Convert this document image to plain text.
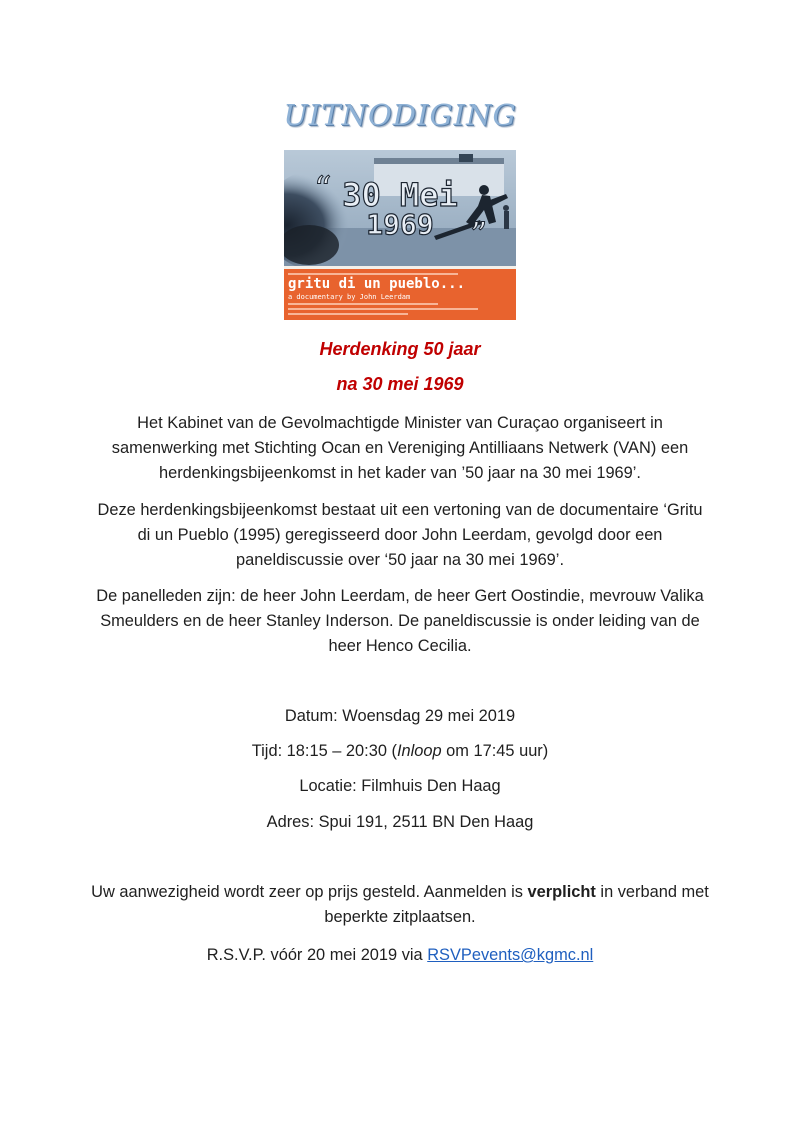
UITNODIGING
30 Mei
1969
“
”
gritu di un pueblo...
a documentary by John Leerdam
Herdenking 50 jaar
na 30 mei 1969
Het Kabinet van de Gevolmachtigde Minister van Curaçao organiseert in samenwerking met Stichting Ocan en Vereniging Antilliaans Netwerk (VAN) een herdenkingsbijeenkomst in het kader van ’50 jaar na 30 mei 1969’.
Deze herdenkingsbijeenkomst bestaat uit een vertoning van de documentaire ‘Gritu di un Pueblo (1995) geregisseerd door John Leerdam, gevolgd door een paneldiscussie over ‘50 jaar na 30 mei 1969’.
De panelleden zijn: de heer John Leerdam, de heer Gert Oostindie, mevrouw Valika Smeulders en de heer Stanley Inderson. De paneldiscussie is onder leiding van de heer Henco Cecilia.
Datum: Woensdag 29 mei 2019
Tijd: 18:15 – 20:30 (Inloop om 17:45 uur)
Locatie: Filmhuis Den Haag
Adres: Spui 191, 2511 BN Den Haag
Uw aanwezigheid wordt zeer op prijs gesteld. Aanmelden is verplicht in verband met beperkte zitplaatsen.
R.S.V.P. vóór 20 mei 2019 via RSVPevents@kgmc.nl
